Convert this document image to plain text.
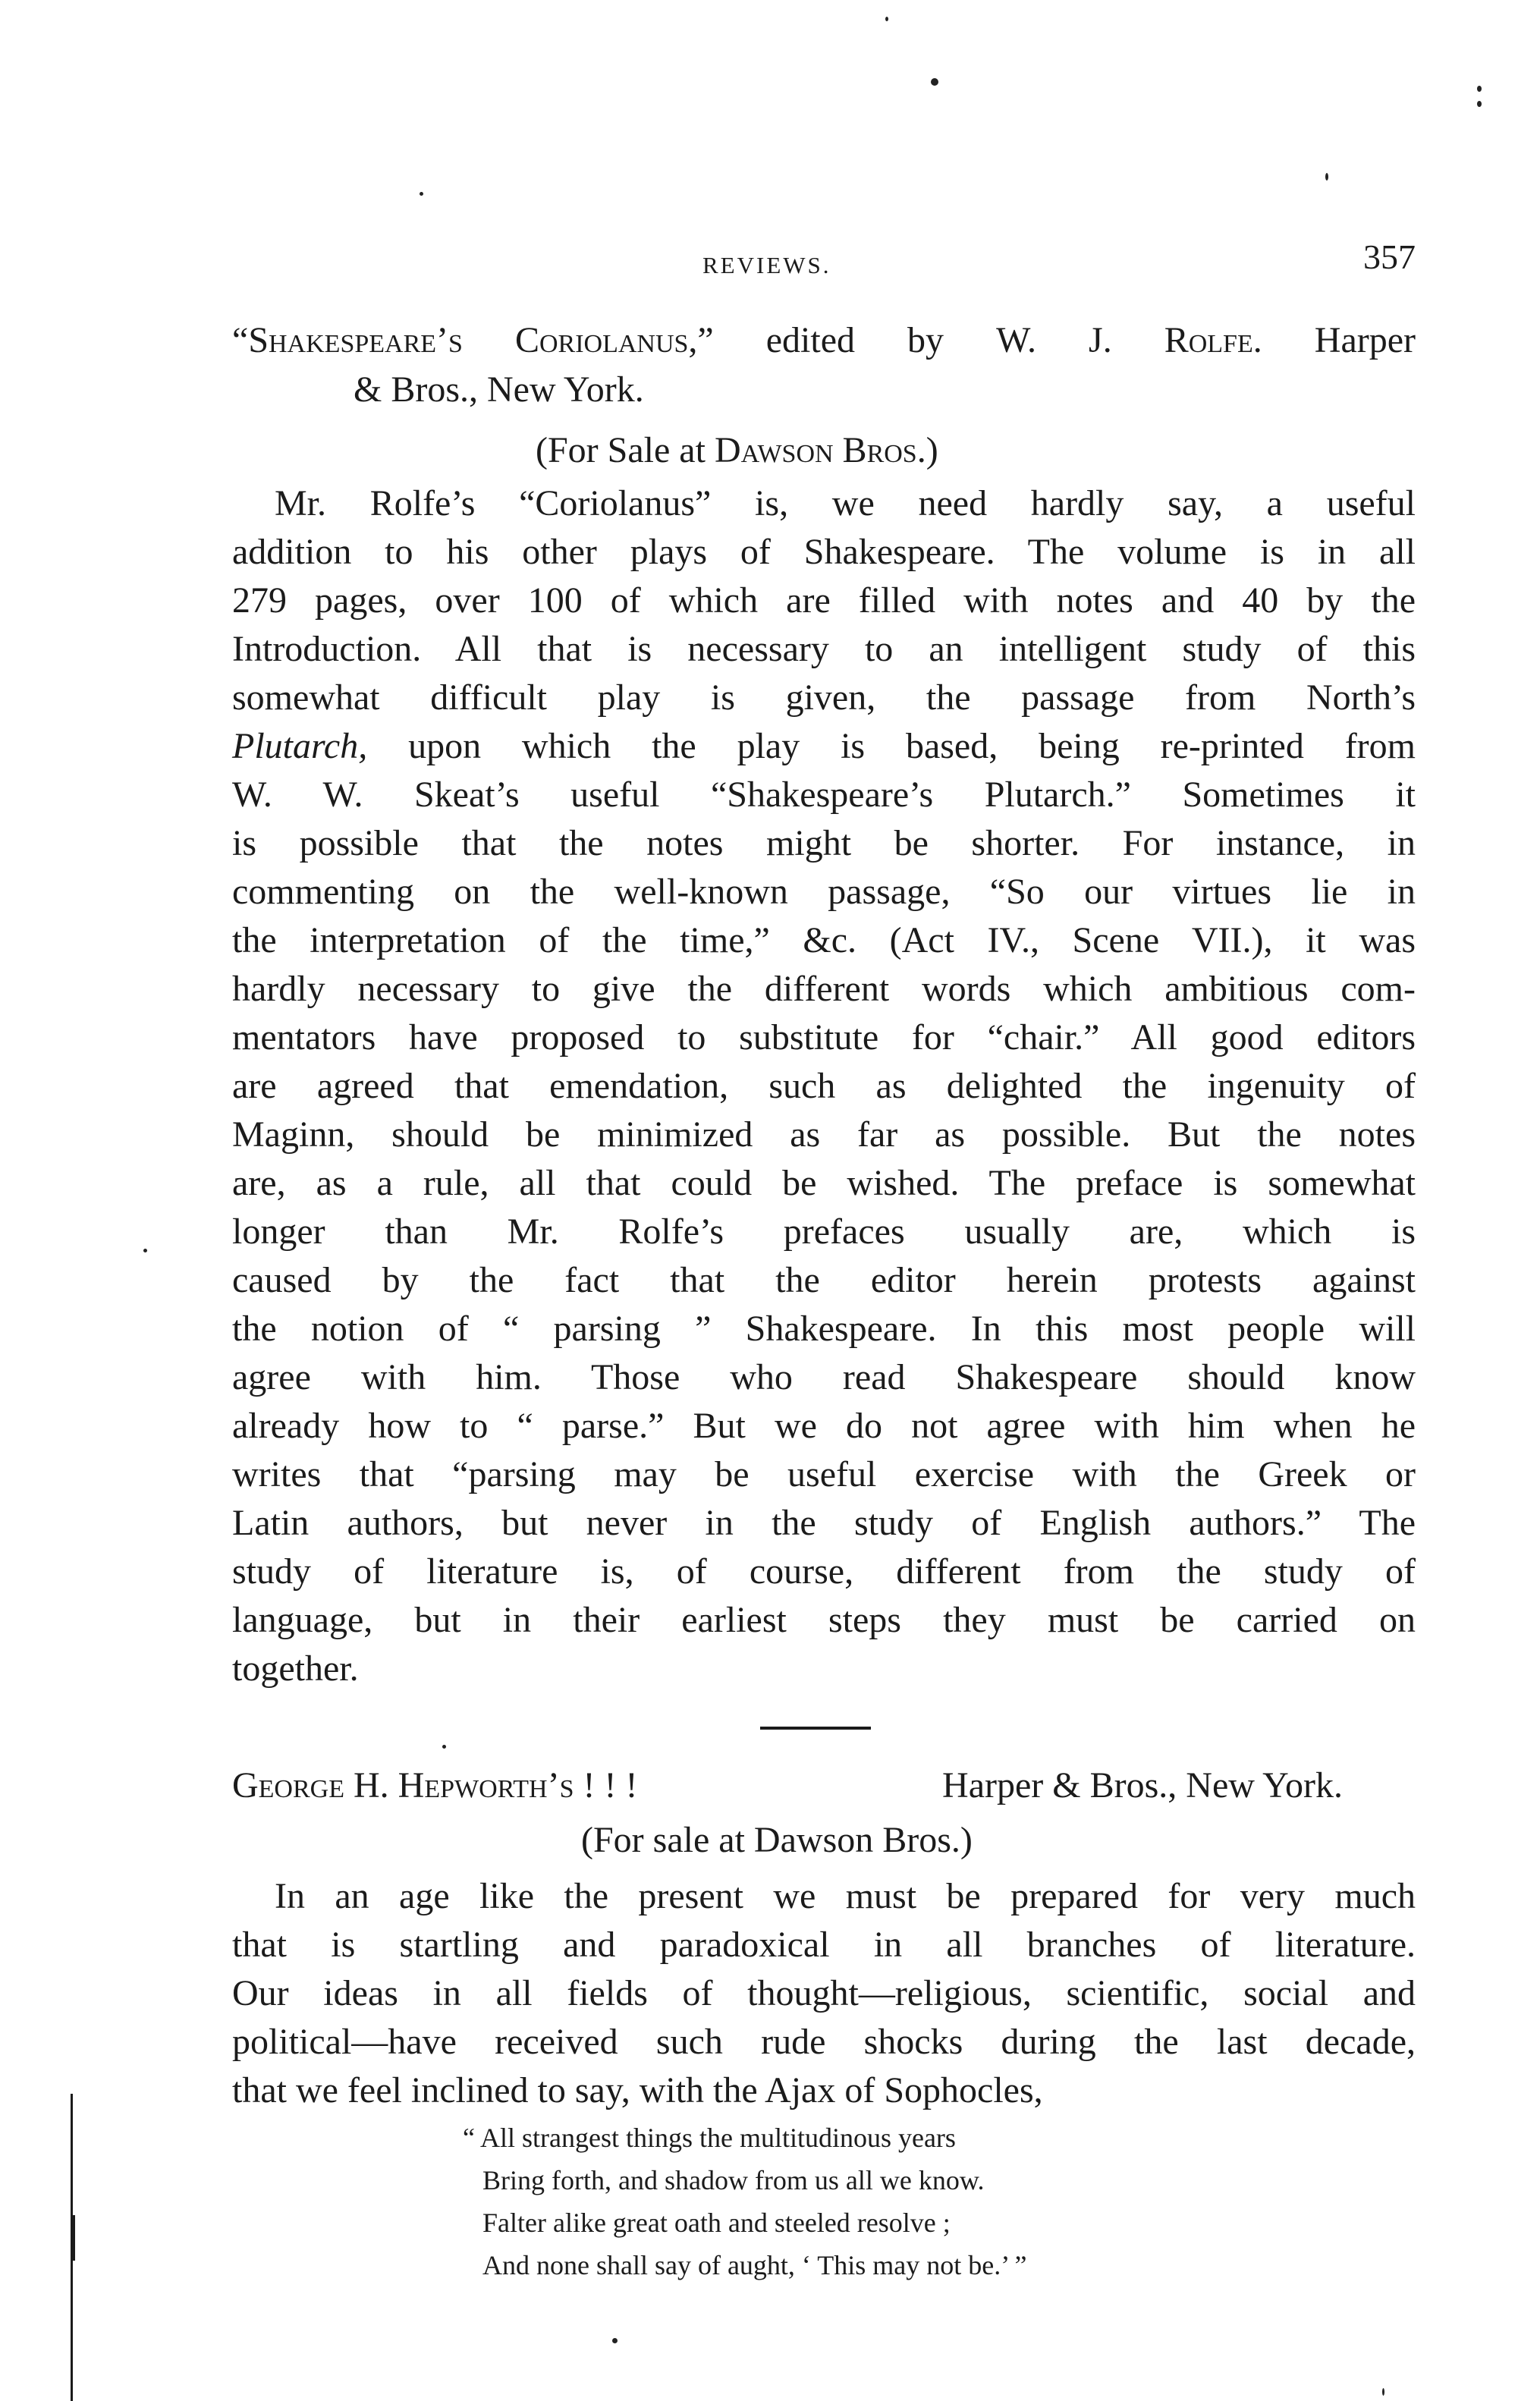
REVIEWS.	357
“Shakespeare’s Coriolanus,” edited by W. J. Rolfe. Harper
& Bros., New York.
(For Sale at Dawson Bros.)
Mr. Rolfe’s “Coriolanus” is, we need hardly say, a useful
addition to his other plays of Shakespeare. The volume is in all
279 pages, over 100 of which are filled with notes and 40 by the
Introduction. All that is necessary to an intelligent study of this
somewhat difficult play is given, the passage from North’s
Plutarch, upon which the play is based, being re-printed from
W. W. Skeat’s useful “Shakespeare’s Plutarch.” Sometimes it
is possible that the notes might be shorter. For instance, in
commenting on the well-known passage, “So our virtues lie in
the interpretation of the time,” &c. (Act IV., Scene VII.), it was
hardly necessary to give the different words which ambitious com-
mentators have proposed to substitute for “chair.” All good editors
are agreed that emendation, such as delighted the ingenuity of
Maginn, should be minimized as far as possible. But the notes
are, as a rule, all that could be wished. The preface is somewhat
longer than Mr. Rolfe’s prefaces usually are, which is
caused by the fact that the editor herein protests against
the notion of “ parsing ” Shakespeare. In this most people will
agree with him. Those who read Shakespeare should know
already how to “ parse.” But we do not agree with him when he
writes that “parsing may be useful exercise with the Greek or
Latin authors, but never in the study of English authors.” The
study of literature is, of course, different from the study of
language, but in their earliest steps they must be carried on
together.
George H. Hepworth’s ! ! !	Harper & Bros., New York.
(For sale at Dawson Bros.)
In an age like the present we must be prepared for very much
that is startling and paradoxical in all branches of literature.
Our ideas in all fields of thought—religious, scientific, social and
political—have received such rude shocks during the last decade,
that we feel inclined to say, with the Ajax of Sophocles,
“ All strangest things the multitudinous years
Bring forth, and shadow from us all we know.
Falter alike great oath and steeled resolve ;
And none shall say of aught, ‘ This may not be.’ ”
